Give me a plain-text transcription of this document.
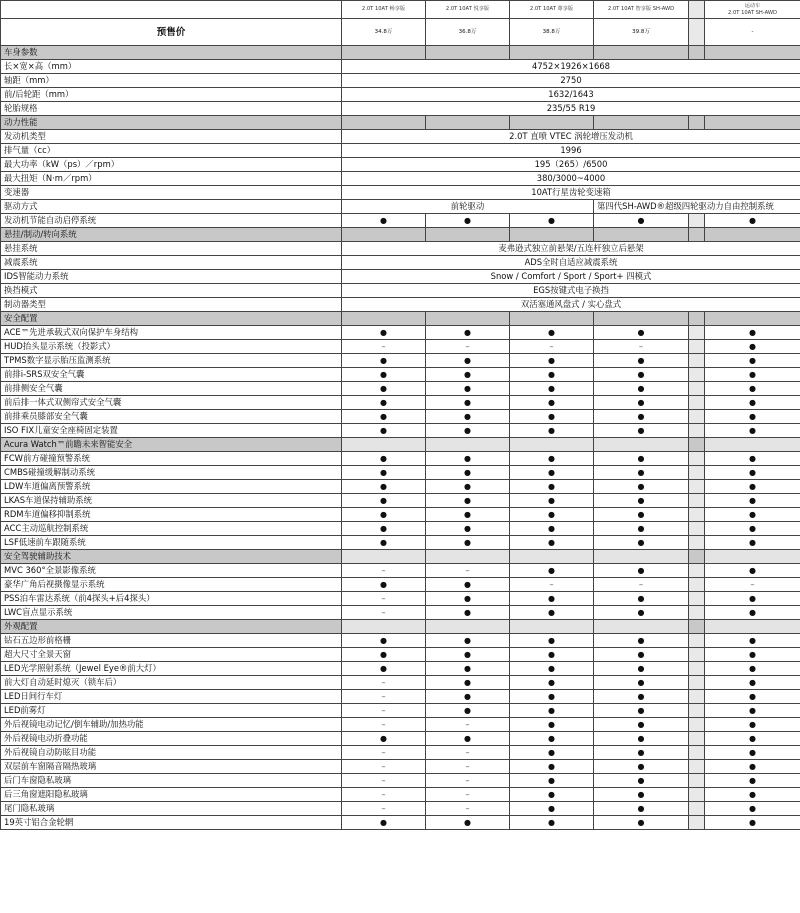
	2.0T 10AT 畅享版	2.0T 10AT 悦享版	2.0T 10AT 尊享版	2.0T 10AT 智享版 SH-AWD		运动车
2.0T 10AT SH-AWD
预售价	34.8万	36.8万	38.8万	39.8万		-
车身参数						
长×宽×高（mm）	4752×1926×1668					
轴距（mm）	2750					
前/后轮距（mm）	1632/1643					
轮胎规格	235/55 R19					
动力性能						
发动机类型	2.0T 直喷 VTEC 涡轮增压发动机					
排气量（cc）	1996					
最大功率（kW（ps）／rpm）	195（265）/6500					
最大扭矩（N·m／rpm）	380/3000~4000					
变速器	10AT行星齿轮变速箱					
驱动方式	前轮驱动			第四代SH-AWD®超级四轮驱动力自由控制系统		
发动机节能自动启停系统	●	●	●	●		●
悬挂/制动/转向系统						
悬挂系统	麦弗逊式独立前悬架/五连杆独立后悬架					
减震系统	ADS全时自适应减震系统					
IDS智能动力系统	Snow / Comfort / Sport / Sport+ 四模式					
换挡模式	EGS按键式电子换挡					
制动器类型	双活塞通风盘式 / 实心盘式					
安全配置						
ACE™先进承载式双向保护车身结构	●	●	●	●		●
HUD抬头显示系统（投影式）	–	–	–	–		●
TPMS数字显示胎压监测系统	●	●	●	●		●
前排i-SRS双安全气囊	●	●	●	●		●
前排侧安全气囊	●	●	●	●		●
前后排一体式双侧帘式安全气囊	●	●	●	●		●
前排乘员膝部安全气囊	●	●	●	●		●
ISO FIX儿童安全座椅固定装置	●	●	●	●		●
Acura Watch™前瞻未来智能安全						
FCW前方碰撞预警系统	●	●	●	●		●
CMBS碰撞缓解制动系统	●	●	●	●		●
LDW车道偏离预警系统	●	●	●	●		●
LKAS车道保持辅助系统	●	●	●	●		●
RDM车道偏移抑制系统	●	●	●	●		●
ACC主动巡航控制系统	●	●	●	●		●
LSF低速前车跟随系统	●	●	●	●		●
安全驾驶辅助技术						
MVC 360°全景影像系统	–	–	●	●		●
豪华广角后视摄像显示系统	●	●	–	–		–
PSS泊车雷达系统（前4探头+后4探头）	–	●	●	●		●
LWC盲点显示系统	–	●	●	●		●
外观配置						
钻石五边形前格栅	●	●	●	●		●
超大尺寸全景天窗	●	●	●	●		●
LED光学照射系统（Jewel Eye®前大灯）	●	●	●	●		●
前大灯自动延时熄灭（锁车后）	–	●	●	●		●
LED日间行车灯	–	●	●	●		●
LED前雾灯	–	●	●	●		●
外后视镜电动记忆/倒车辅助/加热功能	–	–	●	●		●
外后视镜电动折叠功能	●	●	●	●		●
外后视镜自动防眩目功能	–	–	●	●		●
双层前车窗隔音隔热玻璃	–	–	●	●		●
后门车窗隐私玻璃	–	–	●	●		●
后三角窗遮阳隐私玻璃	–	–	●	●		●
尾门隐私玻璃	–	–	●	●		●
19英寸铝合金轮辋	●	●	●	●		●
